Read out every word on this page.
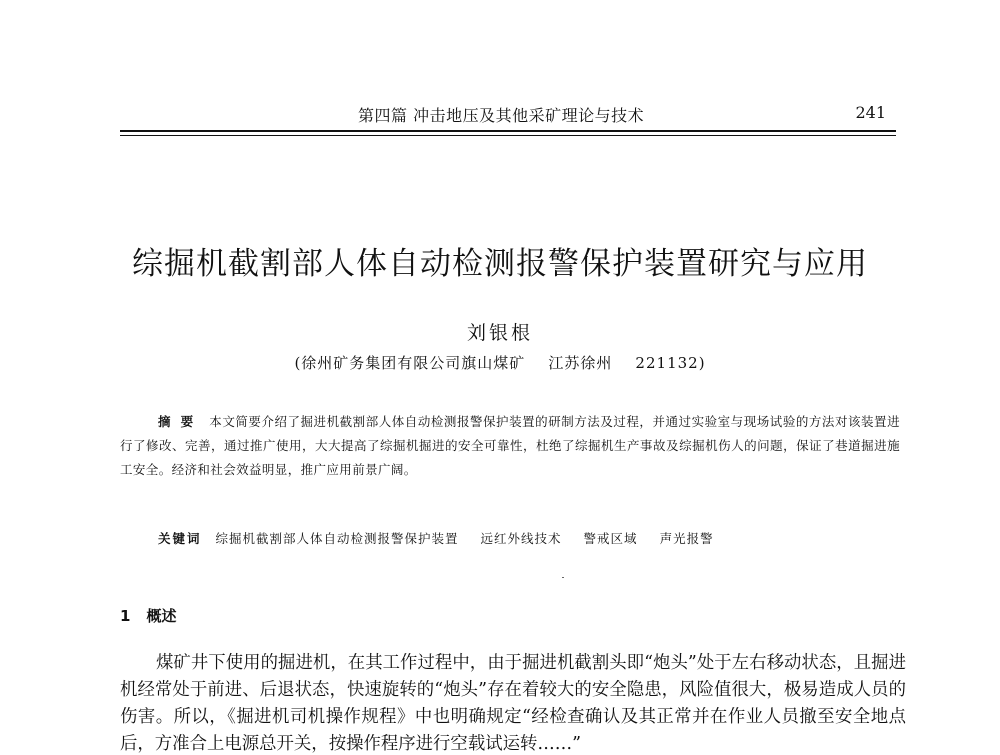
第四篇 冲击地压及其他采矿理论与技术	241
综掘机截割部人体自动检测报警保护装置研究与应用
刘银根
(徐州矿务集团有限公司旗山煤矿    江苏徐州    221132)
摘要 本文简要介绍了掘进机截割部人体自动检测报警保护装置的研制方法及过程，并通过实验室与现场试验的方法对该装置进行了修改、完善，通过推广使用，大大提高了综掘机掘进的安全可靠性，杜绝了综掘机生产事故及综掘机伤人的问题，保证了巷道掘进施工安全。经济和社会效益明显，推广应用前景广阔。
关键词 综掘机截割部人体自动检测报警保护装置 远红外线技术 警戒区域 声光报警
1 概述
煤矿井下使用的掘进机，在其工作过程中，由于掘进机截割头即“炮头”处于左右移动状态，且掘进机经常处于前进、后退状态，快速旋转的“炮头”存在着较大的安全隐患，风险值很大，极易造成人员的伤害。所以，《掘进机司机操作规程》中也明确规定“经检查确认及其正常并在作业人员撤至安全地点后，方准合上电源总开关，按操作程序进行空载试运转……”
